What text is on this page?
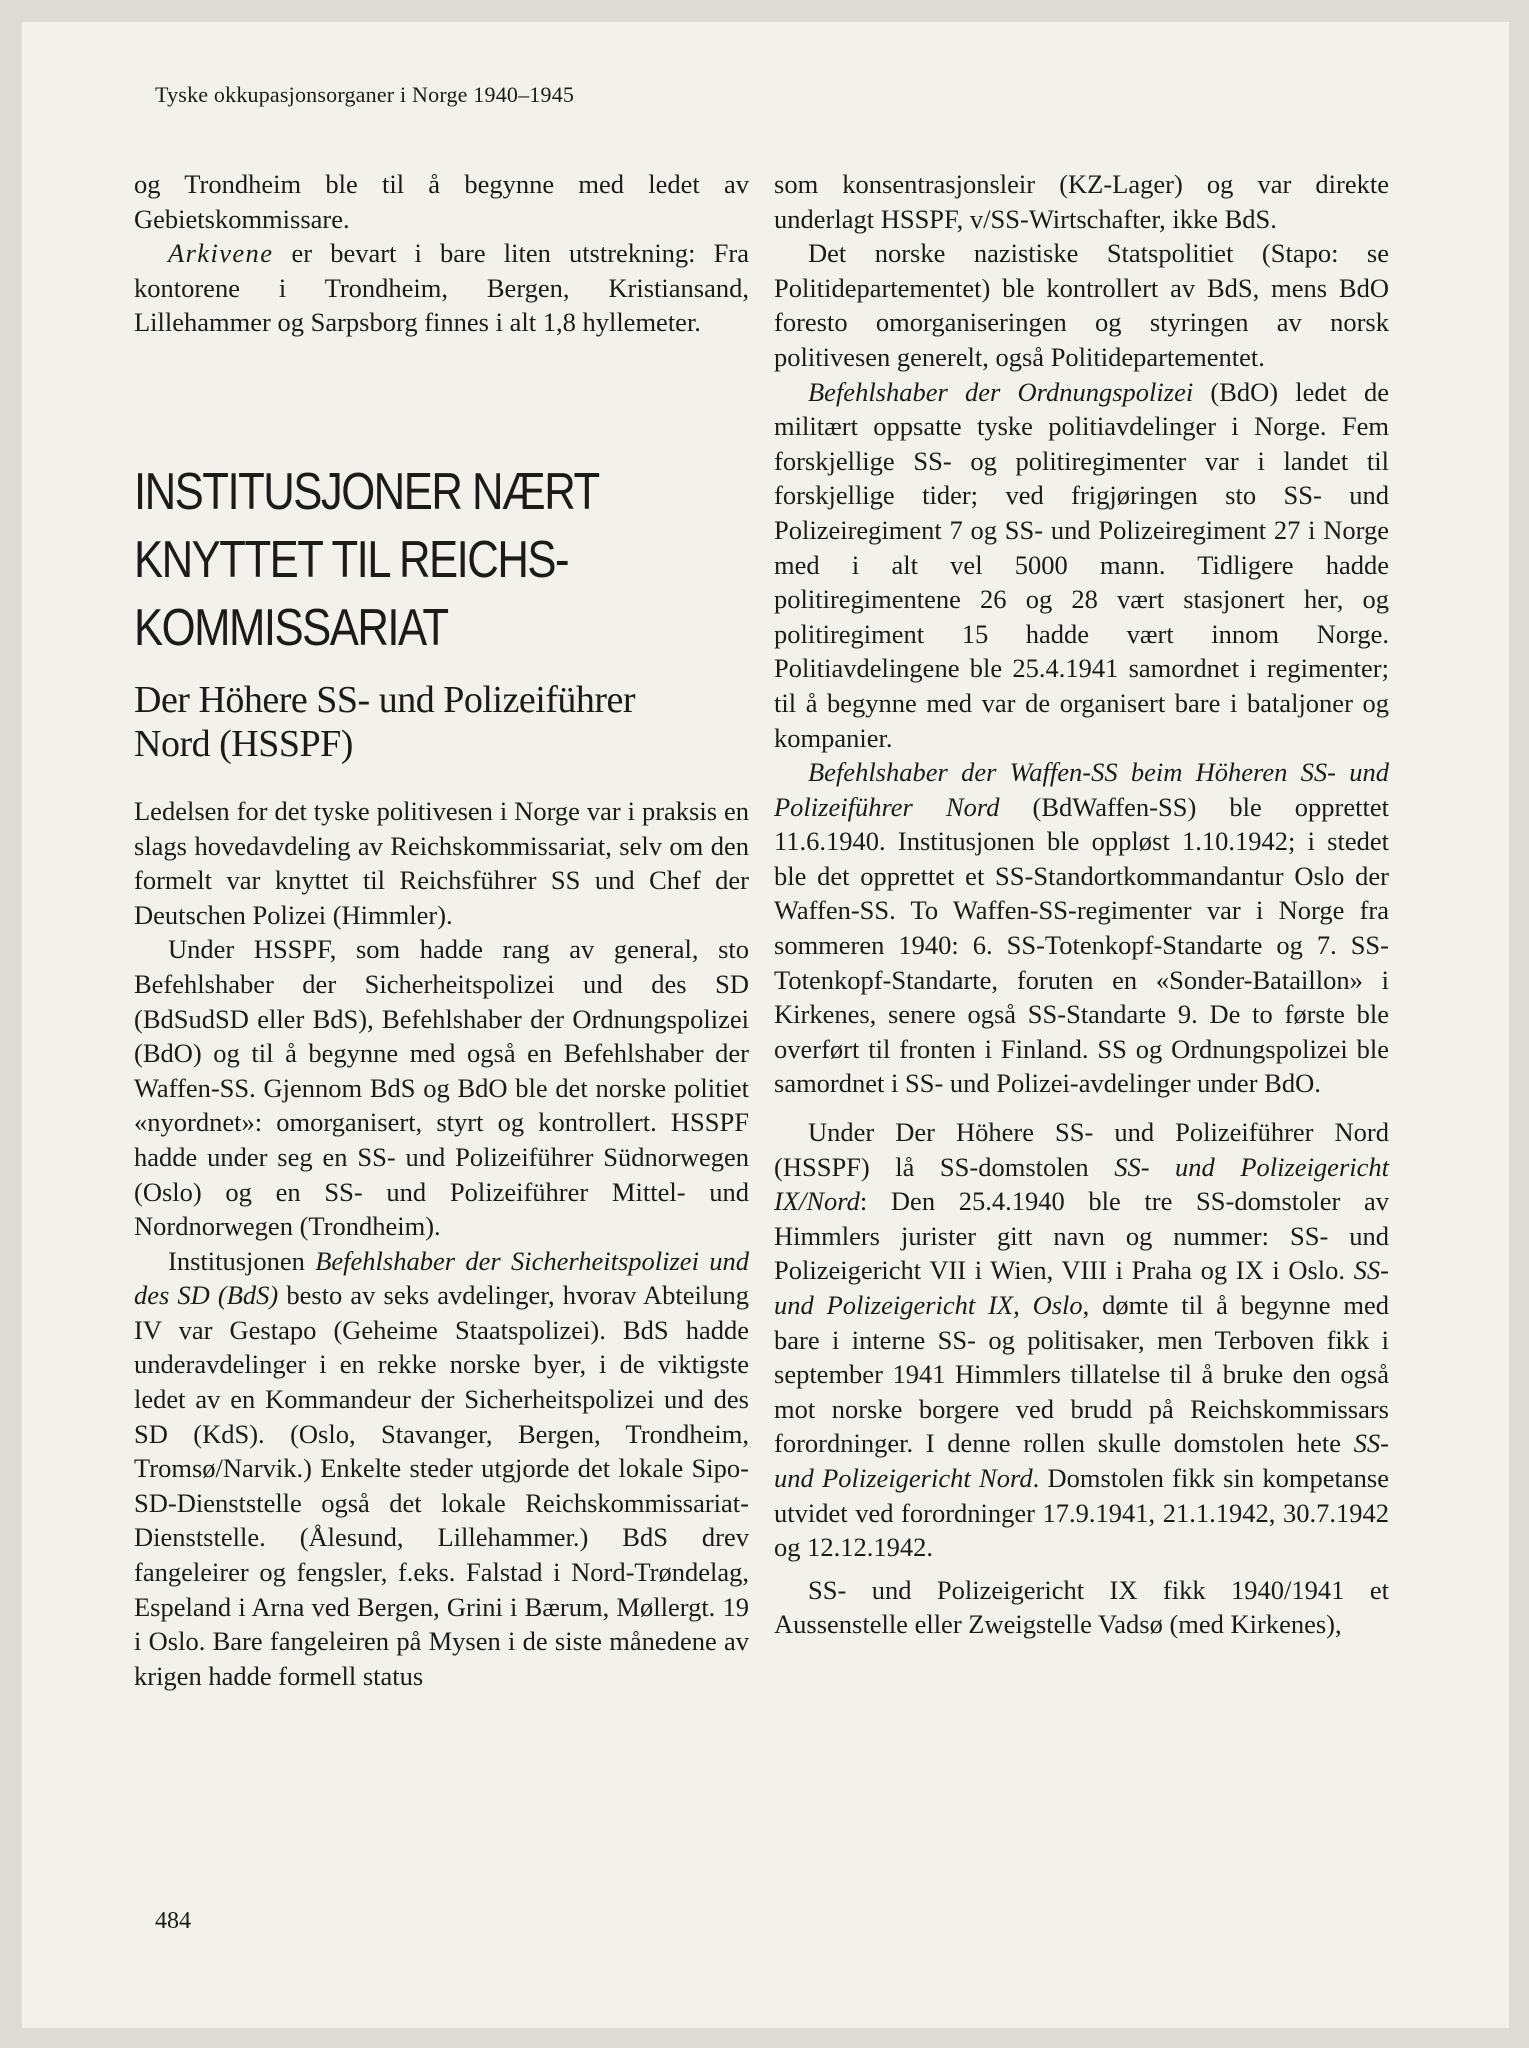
Tyske okkupasjonsorganer i Norge 1940–1945

og Trondheim ble til å begynne med ledet av Gebietskommissare.

Arkivene er bevart i bare liten utstrekning: Fra kontorene i Trondheim, Bergen, Kristiansand, Lillehammer og Sarpsborg finnes i alt 1,8 hyllemeter.

INSTITUSJONER NÆRT
KNYTTET TIL REICHS-
KOMMISSARIAT
Der Höhere SS- und Polizeiführer
Nord (HSSPF)

Ledelsen for det tyske politivesen i Norge var i praksis en slags hovedavdeling av Reichskommissariat, selv om den formelt var knyttet til Reichsführer SS und Chef der Deutschen Polizei (Himmler).

Under HSSPF, som hadde rang av general, sto Befehlshaber der Sicherheitspolizei und des SD (BdSudSD eller BdS), Befehlshaber der Ordnungspolizei (BdO) og til å begynne med også en Befehlshaber der Waffen-SS. Gjennom BdS og BdO ble det norske politiet «nyordnet»: omorganisert, styrt og kontrollert. HSSPF hadde under seg en SS- und Polizeiführer Südnorwegen (Oslo) og en SS- und Polizeiführer Mittel- und Nordnorwegen (Trondheim).

Institusjonen Befehlshaber der Sicherheitspolizei und des SD (BdS) besto av seks avdelinger, hvorav Abteilung IV var Gestapo (Geheime Staatspolizei). BdS hadde underavdelinger i en rekke norske byer, i de viktigste ledet av en Kommandeur der Sicherheitspolizei und des SD (KdS). (Oslo, Stavanger, Bergen, Trondheim, Tromsø/Narvik.) Enkelte steder utgjorde det lokale Sipo-SD-Dienststelle også det lokale Reichskommissariat-Dienststelle. (Ålesund, Lillehammer.) BdS drev fangeleirer og fengsler, f.eks. Falstad i Nord-Trøndelag, Espeland i Arna ved Bergen, Grini i Bærum, Møllergt. 19 i Oslo. Bare fangeleiren på Mysen i de siste månedene av krigen hadde formell status

som konsentrasjonsleir (KZ-Lager) og var direkte underlagt HSSPF, v/SS-Wirtschafter, ikke BdS.

Det norske nazistiske Statspolitiet (Stapo: se Politidepartementet) ble kontrollert av BdS, mens BdO foresto omorganiseringen og styringen av norsk politivesen generelt, også Politidepartementet.

Befehlshaber der Ordnungspolizei (BdO) ledet de militært oppsatte tyske politiavdelinger i Norge. Fem forskjellige SS- og politiregimenter var i landet til forskjellige tider; ved frigjøringen sto SS- und Polizeiregiment 7 og SS- und Polizeiregiment 27 i Norge med i alt vel 5000 mann. Tidligere hadde politiregimentene 26 og 28 vært stasjonert her, og politiregiment 15 hadde vært innom Norge. Politiavdelingene ble 25.4.1941 samordnet i regimenter; til å begynne med var de organisert bare i bataljoner og kompanier.

Befehlshaber der Waffen-SS beim Höheren SS- und Polizeiführer Nord (BdWaffen-SS) ble opprettet 11.6.1940. Institusjonen ble oppløst 1.10.1942; i stedet ble det opprettet et SS-Standortkommandantur Oslo der Waffen-SS. To Waffen-SS-regimenter var i Norge fra sommeren 1940: 6. SS-Totenkopf-Standarte og 7. SS-Totenkopf-Standarte, foruten en «Sonder-Bataillon» i Kirkenes, senere også SS-Standarte 9. De to første ble overført til fronten i Finland. SS og Ordnungspolizei ble samordnet i SS- und Polizei-avdelinger under BdO.

Under Der Höhere SS- und Polizeiführer Nord (HSSPF) lå SS-domstolen SS- und Polizeigericht IX/Nord: Den 25.4.1940 ble tre SS-domstoler av Himmlers jurister gitt navn og nummer: SS- und Polizeigericht VII i Wien, VIII i Praha og IX i Oslo. SS- und Polizeigericht IX, Oslo, dømte til å begynne med bare i interne SS- og politisaker, men Terboven fikk i september 1941 Himmlers tillatelse til å bruke den også mot norske borgere ved brudd på Reichskommissars forordninger. I denne rollen skulle domstolen hete SS- und Polizeigericht Nord. Domstolen fikk sin kompetanse utvidet ved forordninger 17.9.1941, 21.1.1942, 30.7.1942 og 12.12.1942.

SS- und Polizeigericht IX fikk 1940/1941 et Aussenstelle eller Zweigstelle Vadsø (med Kirkenes),

484
